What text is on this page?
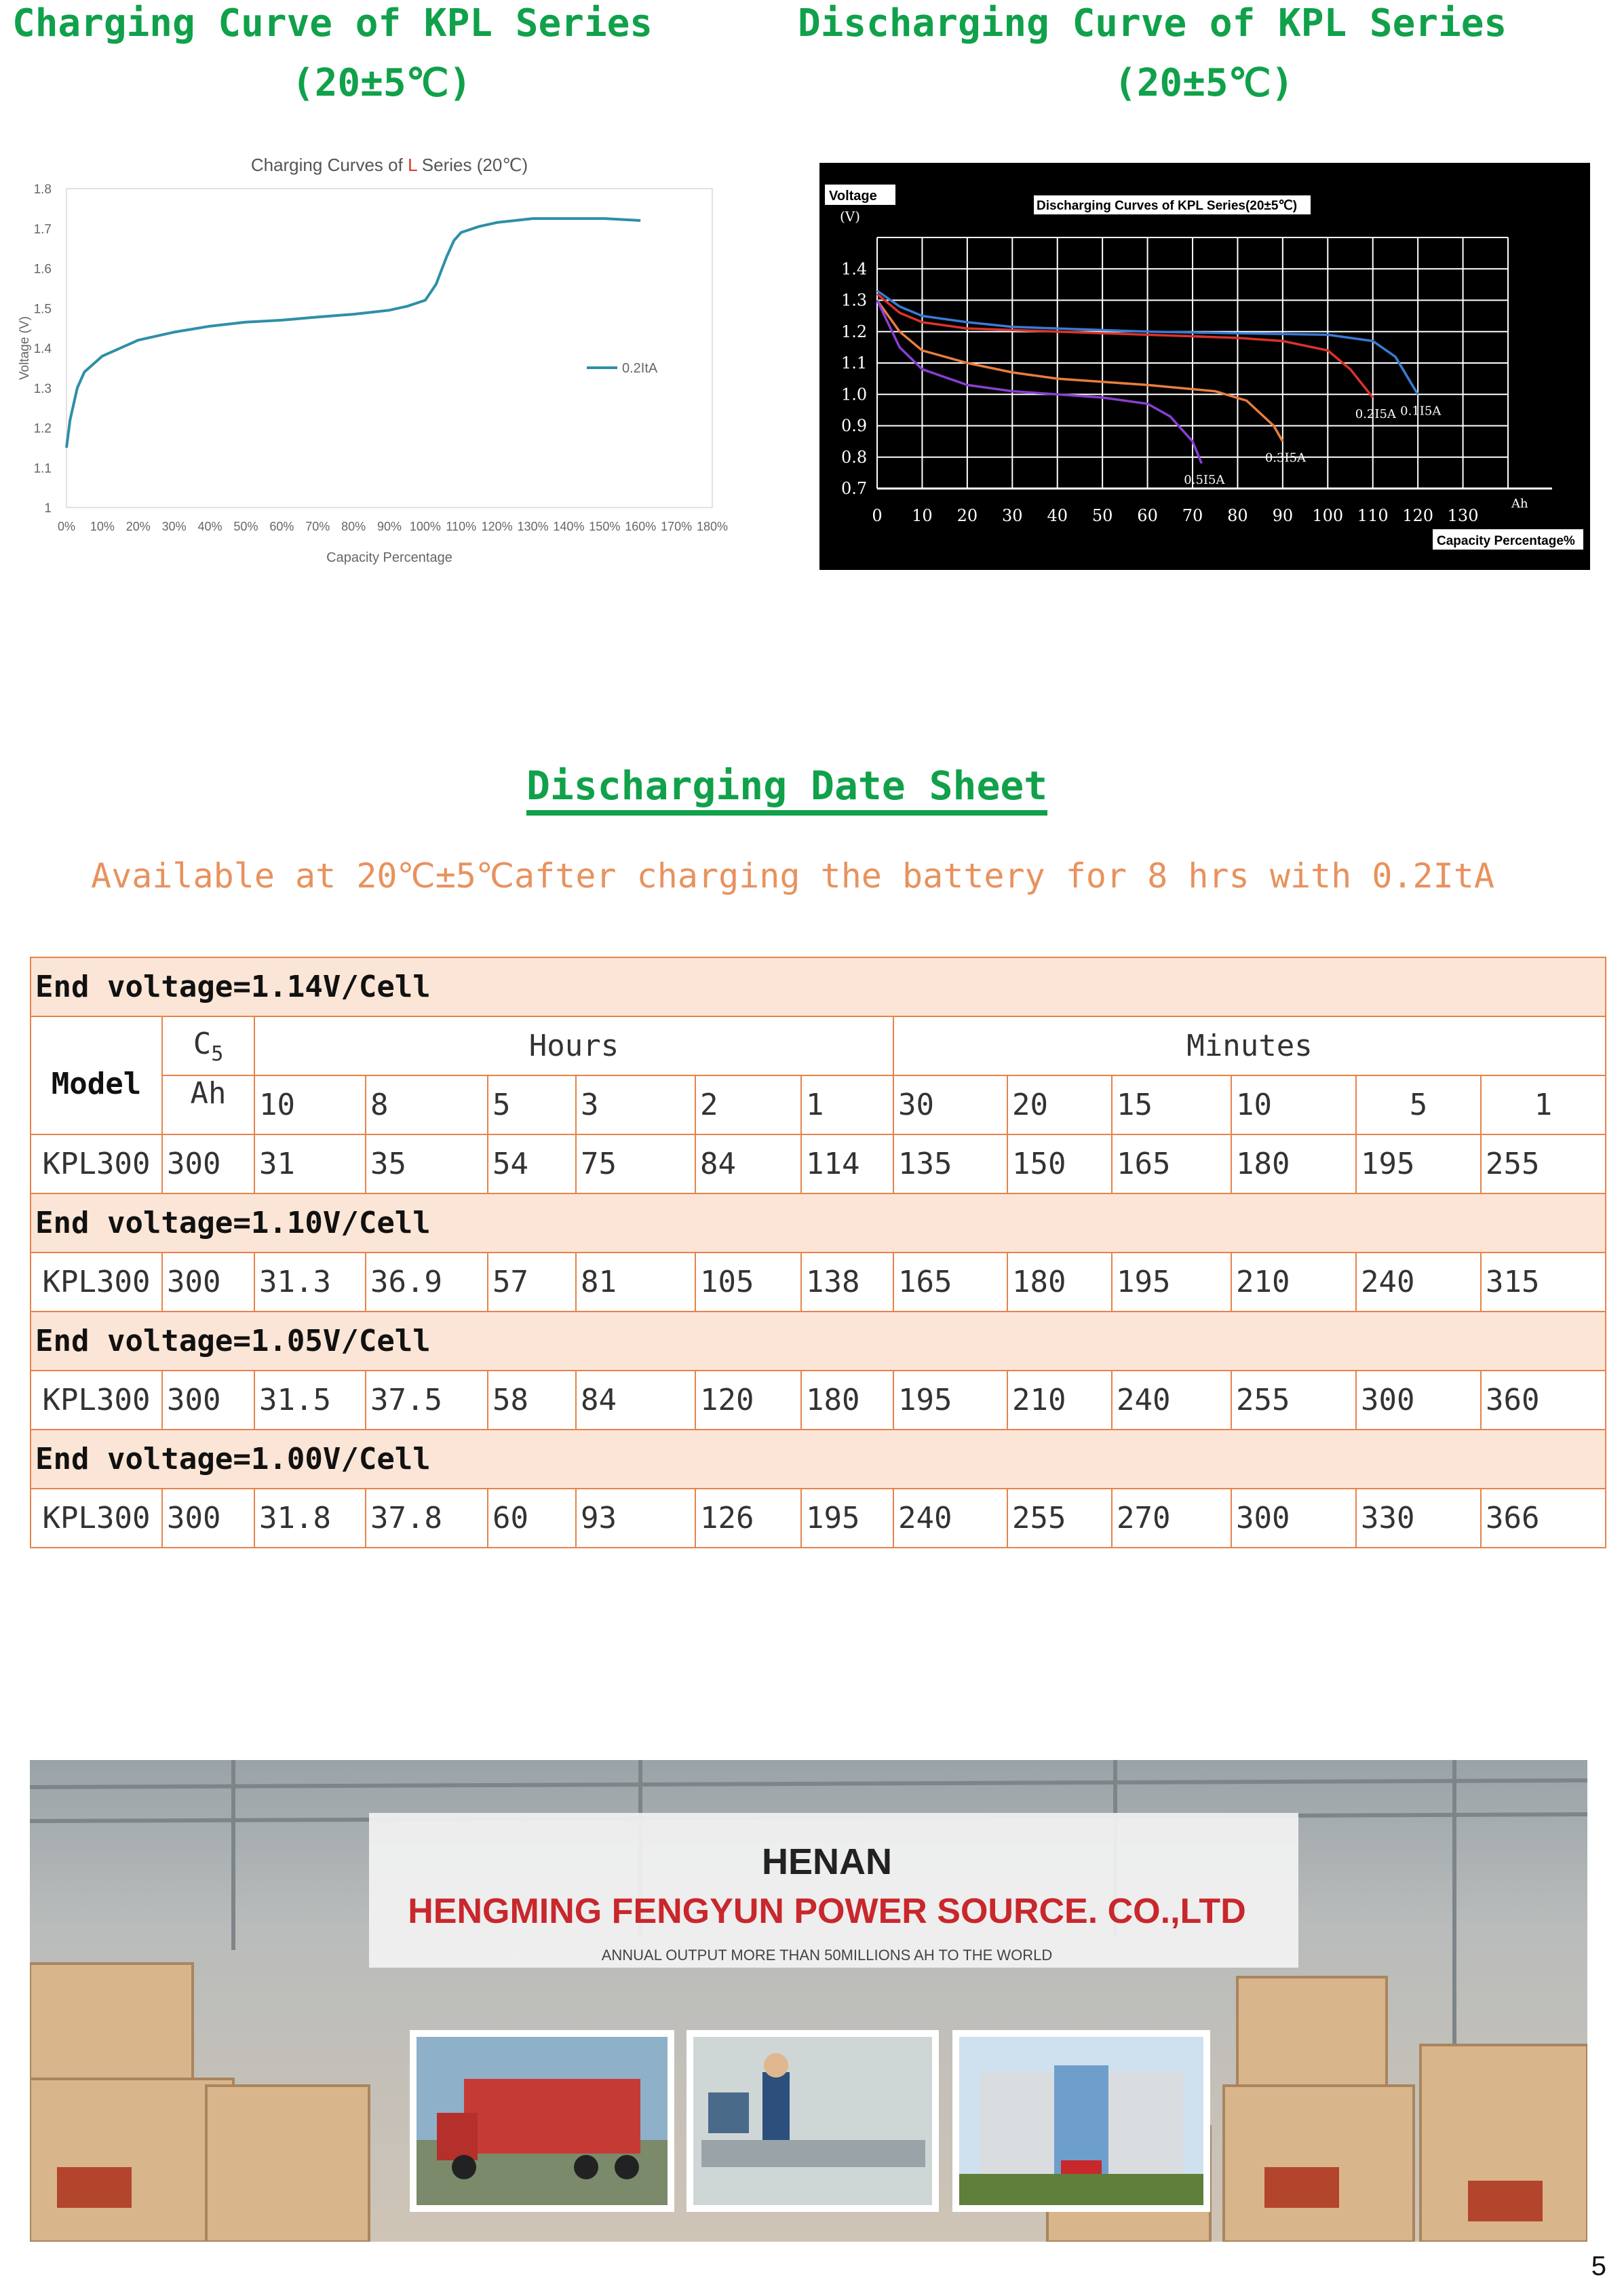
Charging Curve of KPL Series
(20±5℃)
Discharging Curve of KPL Series
(20±5℃)
Charging Curves of L Series (20℃)
1
1.1
1.2
1.3
1.4
1.5
1.6
1.7
1.8
0% 10% 20% 30% 40% 50% 60% 70% 80% 90% 100% 110% 120% 130% 140% 150% 160% 170% 180%
Capacity Percentage
Voltage (V)	0.2ItA
Discharging Curves of KPL Series(20±5℃)
Voltage
(V)
0.7
0.8
0.9
1.0
1.1
1.2
1.3
1.4
0 10 20 30 40 50 60 70 80 90 100 110 120 130
Ah
Capacity Percentage%
0.1I5A
0.2I5A
0.3I5A
0.5I5A
Discharging Date Sheet
Available at 20℃±5℃after charging the battery for 8 hrs with 0.2ItA
End voltage=1.14V/Cell													
Model	$C_5$	Hours						Minutes					
	Ah	10	8	5	3	2	1	30	20	15	10	5	1
KPL300	300	31	35	54	75	84	114	135	150	165	180	195	255
End voltage=1.10V/Cell													
KPL300	300	31.3	36.9	57	81	105	138	165	180	195	210	240	315
End voltage=1.05V/Cell													
KPL300	300	31.5	37.5	58	84	120	180	195	210	240	255	300	360
End voltage=1.00V/Cell													
KPL300	300	31.8	37.8	60	93	126	195	240	255	270	300	330	366
HENAN
HENGMING FENGYUN POWER SOURCE. CO.,LTD
ANNUAL OUTPUT MORE THAN 50MILLIONS AH TO THE WORLD
5
